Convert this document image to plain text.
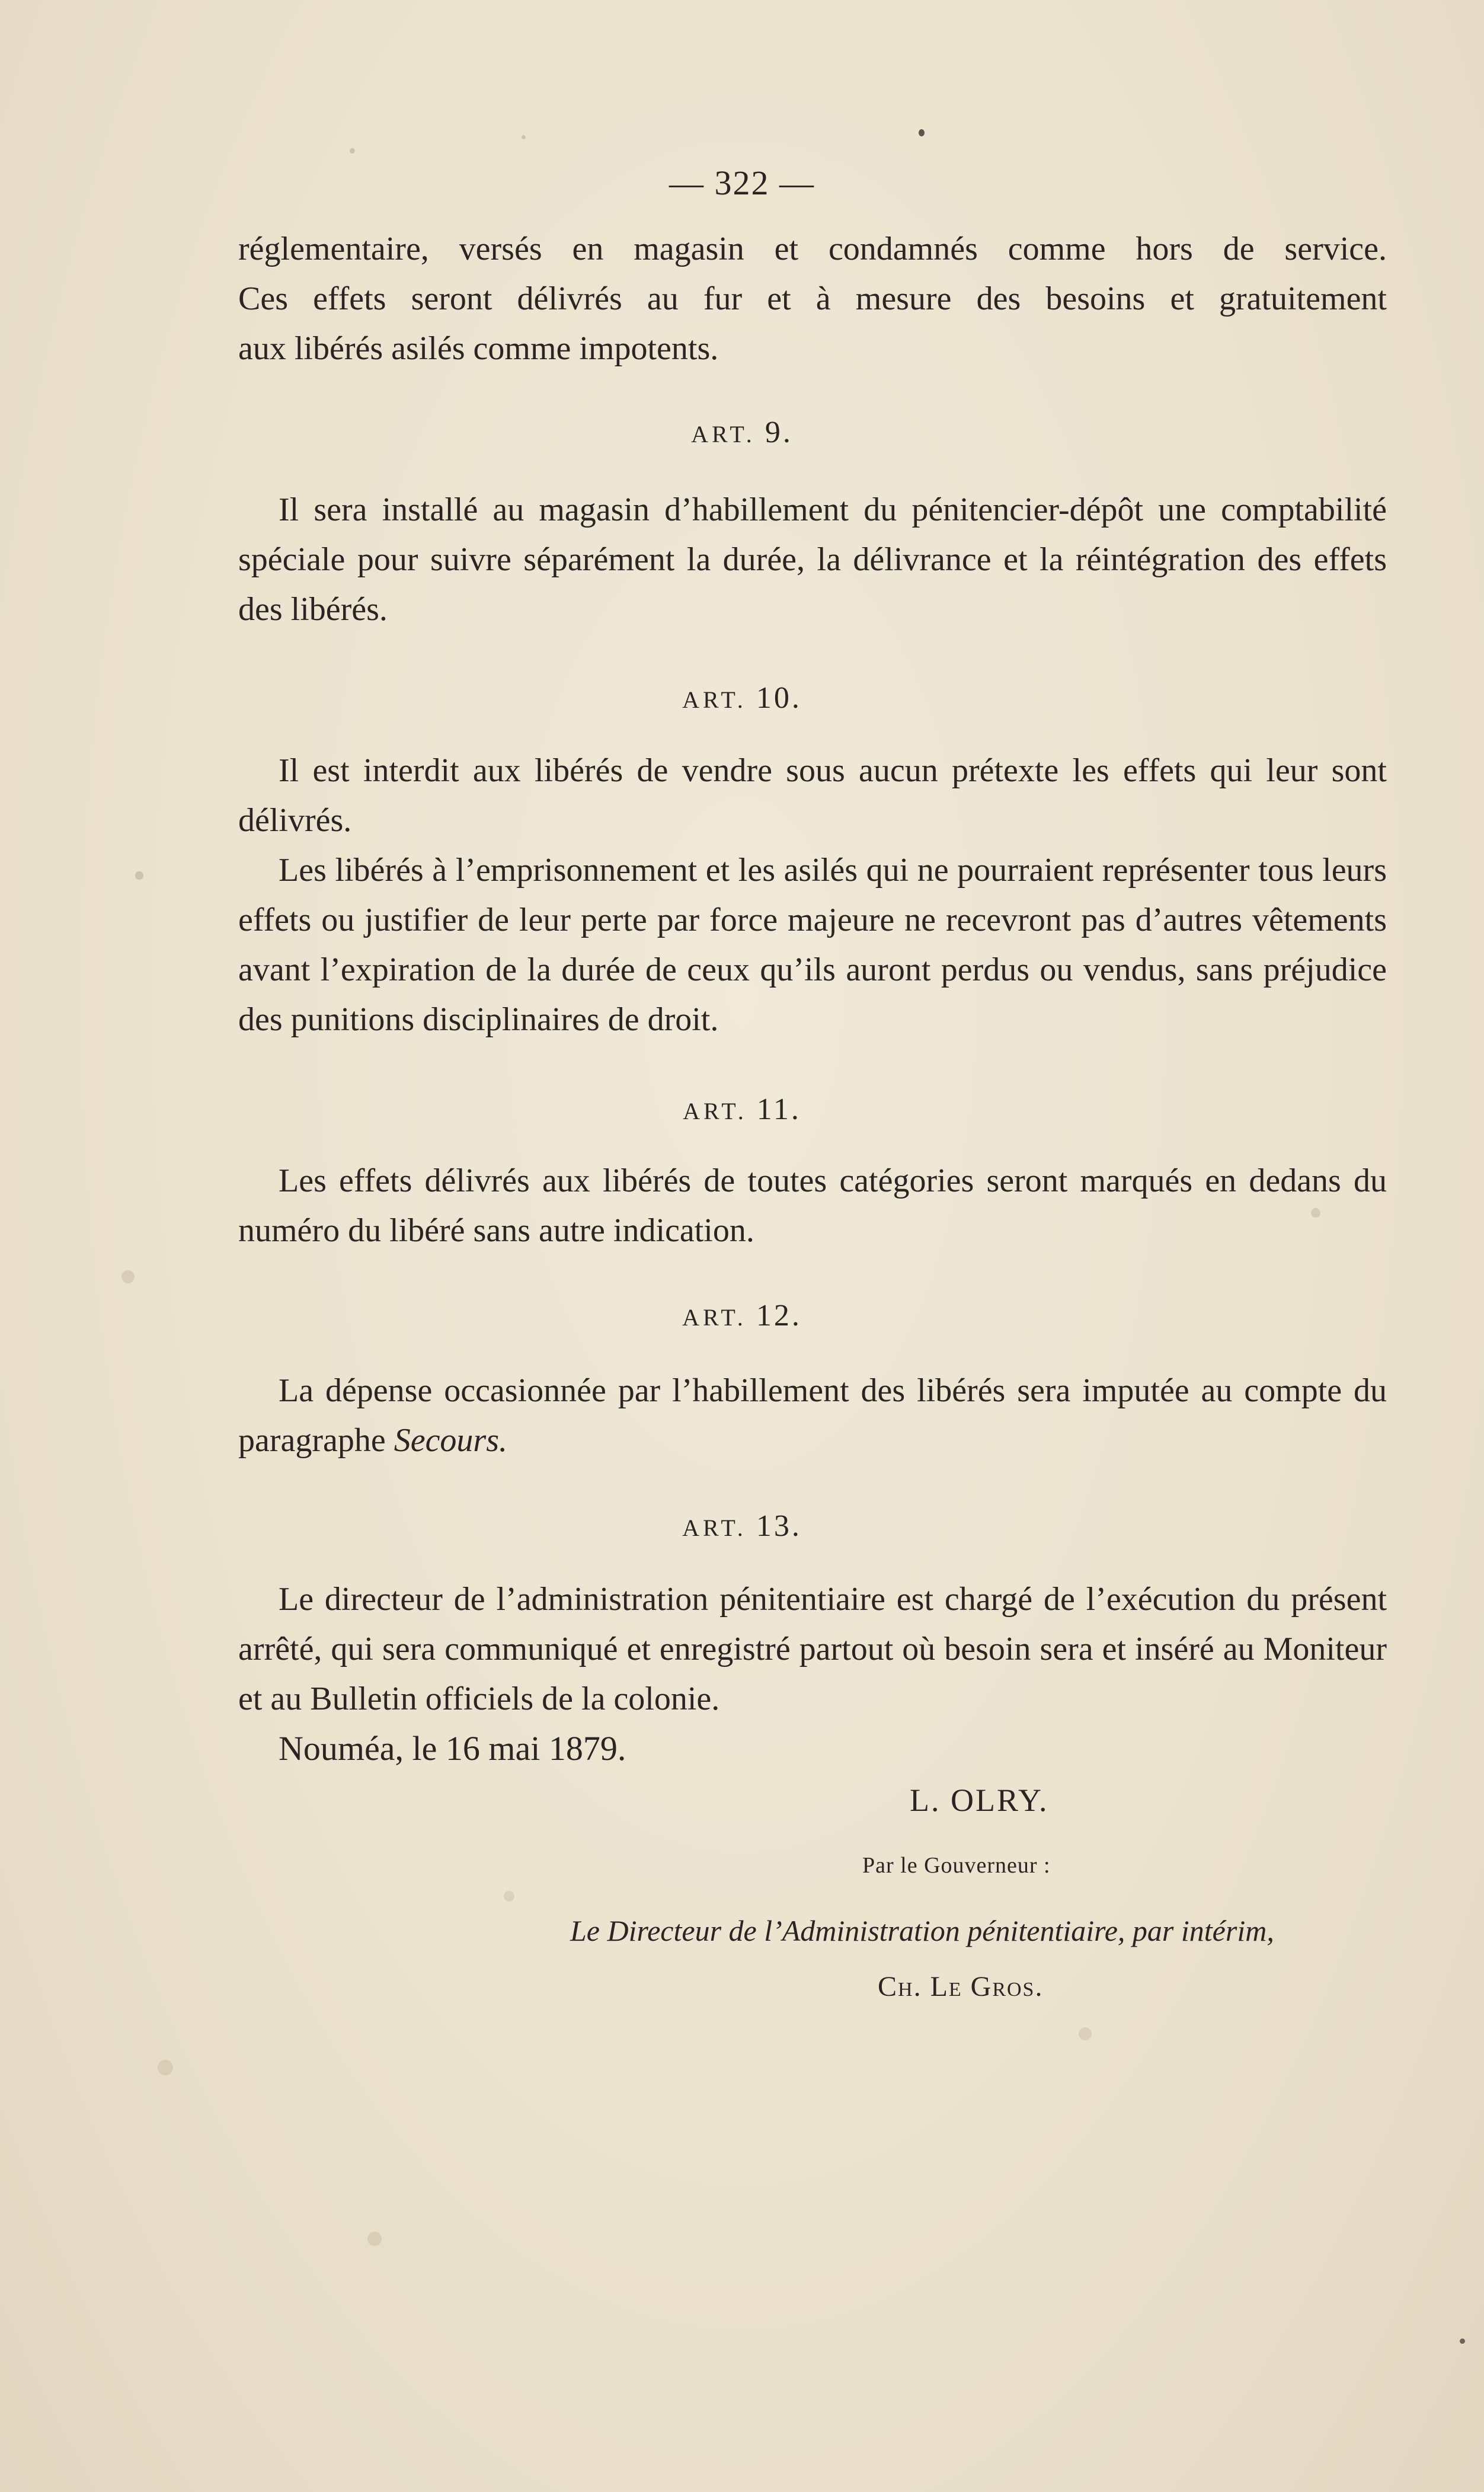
— 322 —
réglementaire, versés en magasin et condamnés comme hors de service.
Ces effets seront délivrés au fur et à mesure des besoins et gratuitement
aux libérés asilés comme impotents.
ART. 9.

Il sera installé au magasin d’habillement du pénitencier-dépôt une comptabilité spéciale pour suivre séparément la durée, la délivrance et la réintégration des effets des libérés.

ART. 10.

Il est interdit aux libérés de vendre sous aucun prétexte les effets qui leur sont délivrés.

Les libérés à l’emprisonnement et les asilés qui ne pourraient représenter tous leurs effets ou justifier de leur perte par force majeure ne recevront pas d’autres vêtements avant l’expiration de la durée de ceux qu’ils auront perdus ou vendus, sans préjudice des punitions disciplinaires de droit.

ART. 11.

Les effets délivrés aux libérés de toutes catégories seront marqués en dedans du numéro du libéré sans autre indication.

ART. 12.

La dépense occasionnée par l’habillement des libérés sera imputée au compte du paragraphe Secours.

ART. 13.

Le directeur de l’administration pénitentiaire est chargé de l’exécution du présent arrêté, qui sera communiqué et enregistré partout où besoin sera et inséré au Moniteur et au Bulletin officiels de la colonie.

Nouméa, le 16 mai 1879.

L. OLRY.
Par le Gouverneur :
Le Directeur de l’Administration pénitentiaire, par intérim,
Ch. Le Gros.
